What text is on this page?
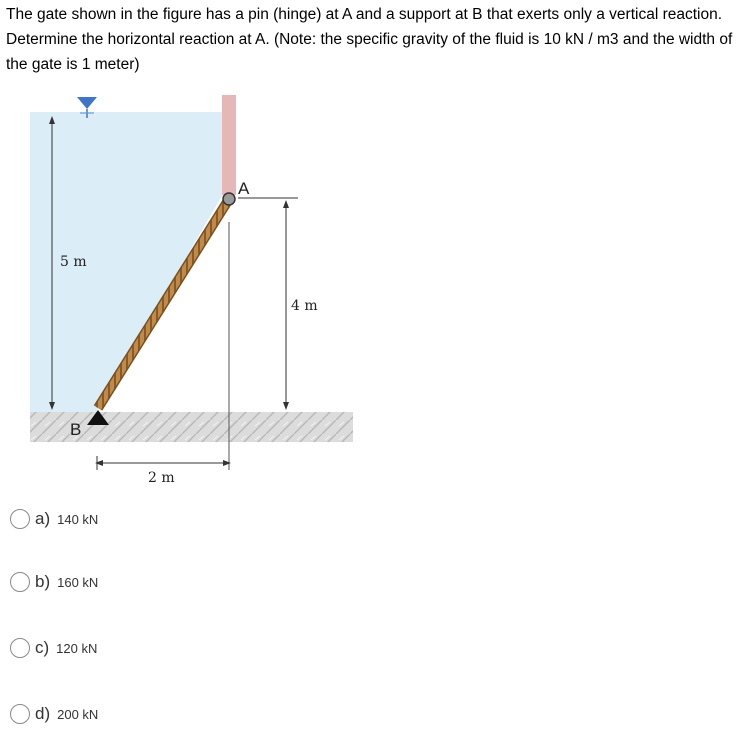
The gate shown in the figure has a pin (hinge) at A and a support at B that exerts only a vertical reaction. Determine the horizontal reaction at A. (Note: the specific gravity of the fluid is 10 kN / m3 and the width of the gate is 1 meter)

5 m
4 m
2 m
A
B
a) 140 kN
b) 160 kN
c) 120 kN
d) 200 kN
